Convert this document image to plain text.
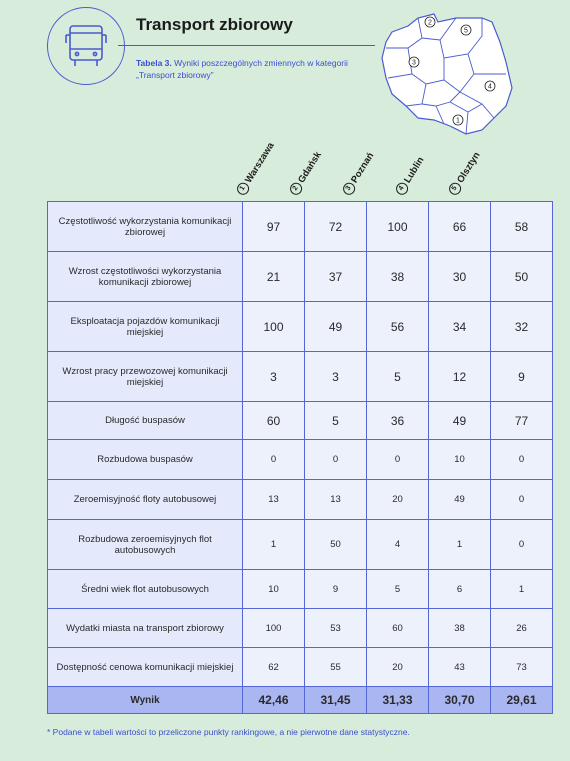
Transport zbiorowy
Tabela 3. Wyniki poszczególnych zmiennych w kategorii „Transport zbiorowy”
2
5
3
4
1
1
Warszawa
2
Gdańsk
3
Poznań
4
Lublin
5
Olsztyn
Częstotliwość wykorzystania komunikacji zbiorowej	97	72	100	66	58
Wzrost częstotliwości wykorzystania komunikacji zbiorowej	21	37	38	30	50
Eksploatacja pojazdów komunikacji miejskiej	100	49	56	34	32
Wzrost pracy przewozowej komunikacji miejskiej	3	3	5	12	9
Długość buspasów	60	5	36	49	77
Rozbudowa buspasów	0	0	0	10	0
Zeroemisyjność floty autobusowej	13	13	20	49	0
Rozbudowa zeroemisyjnych flot autobusowych	1	50	4	1	0
Średni wiek flot autobusowych	10	9	5	6	1
Wydatki miasta na transport zbiorowy	100	53	60	38	26
Dostępność cenowa komunikacji miejskiej	62	55	20	43	73
Wynik	42,46	31,45	31,33	30,70	29,61
* Podane w tabeli wartości to przeliczone punkty rankingowe, a nie pierwotne dane statystyczne.
